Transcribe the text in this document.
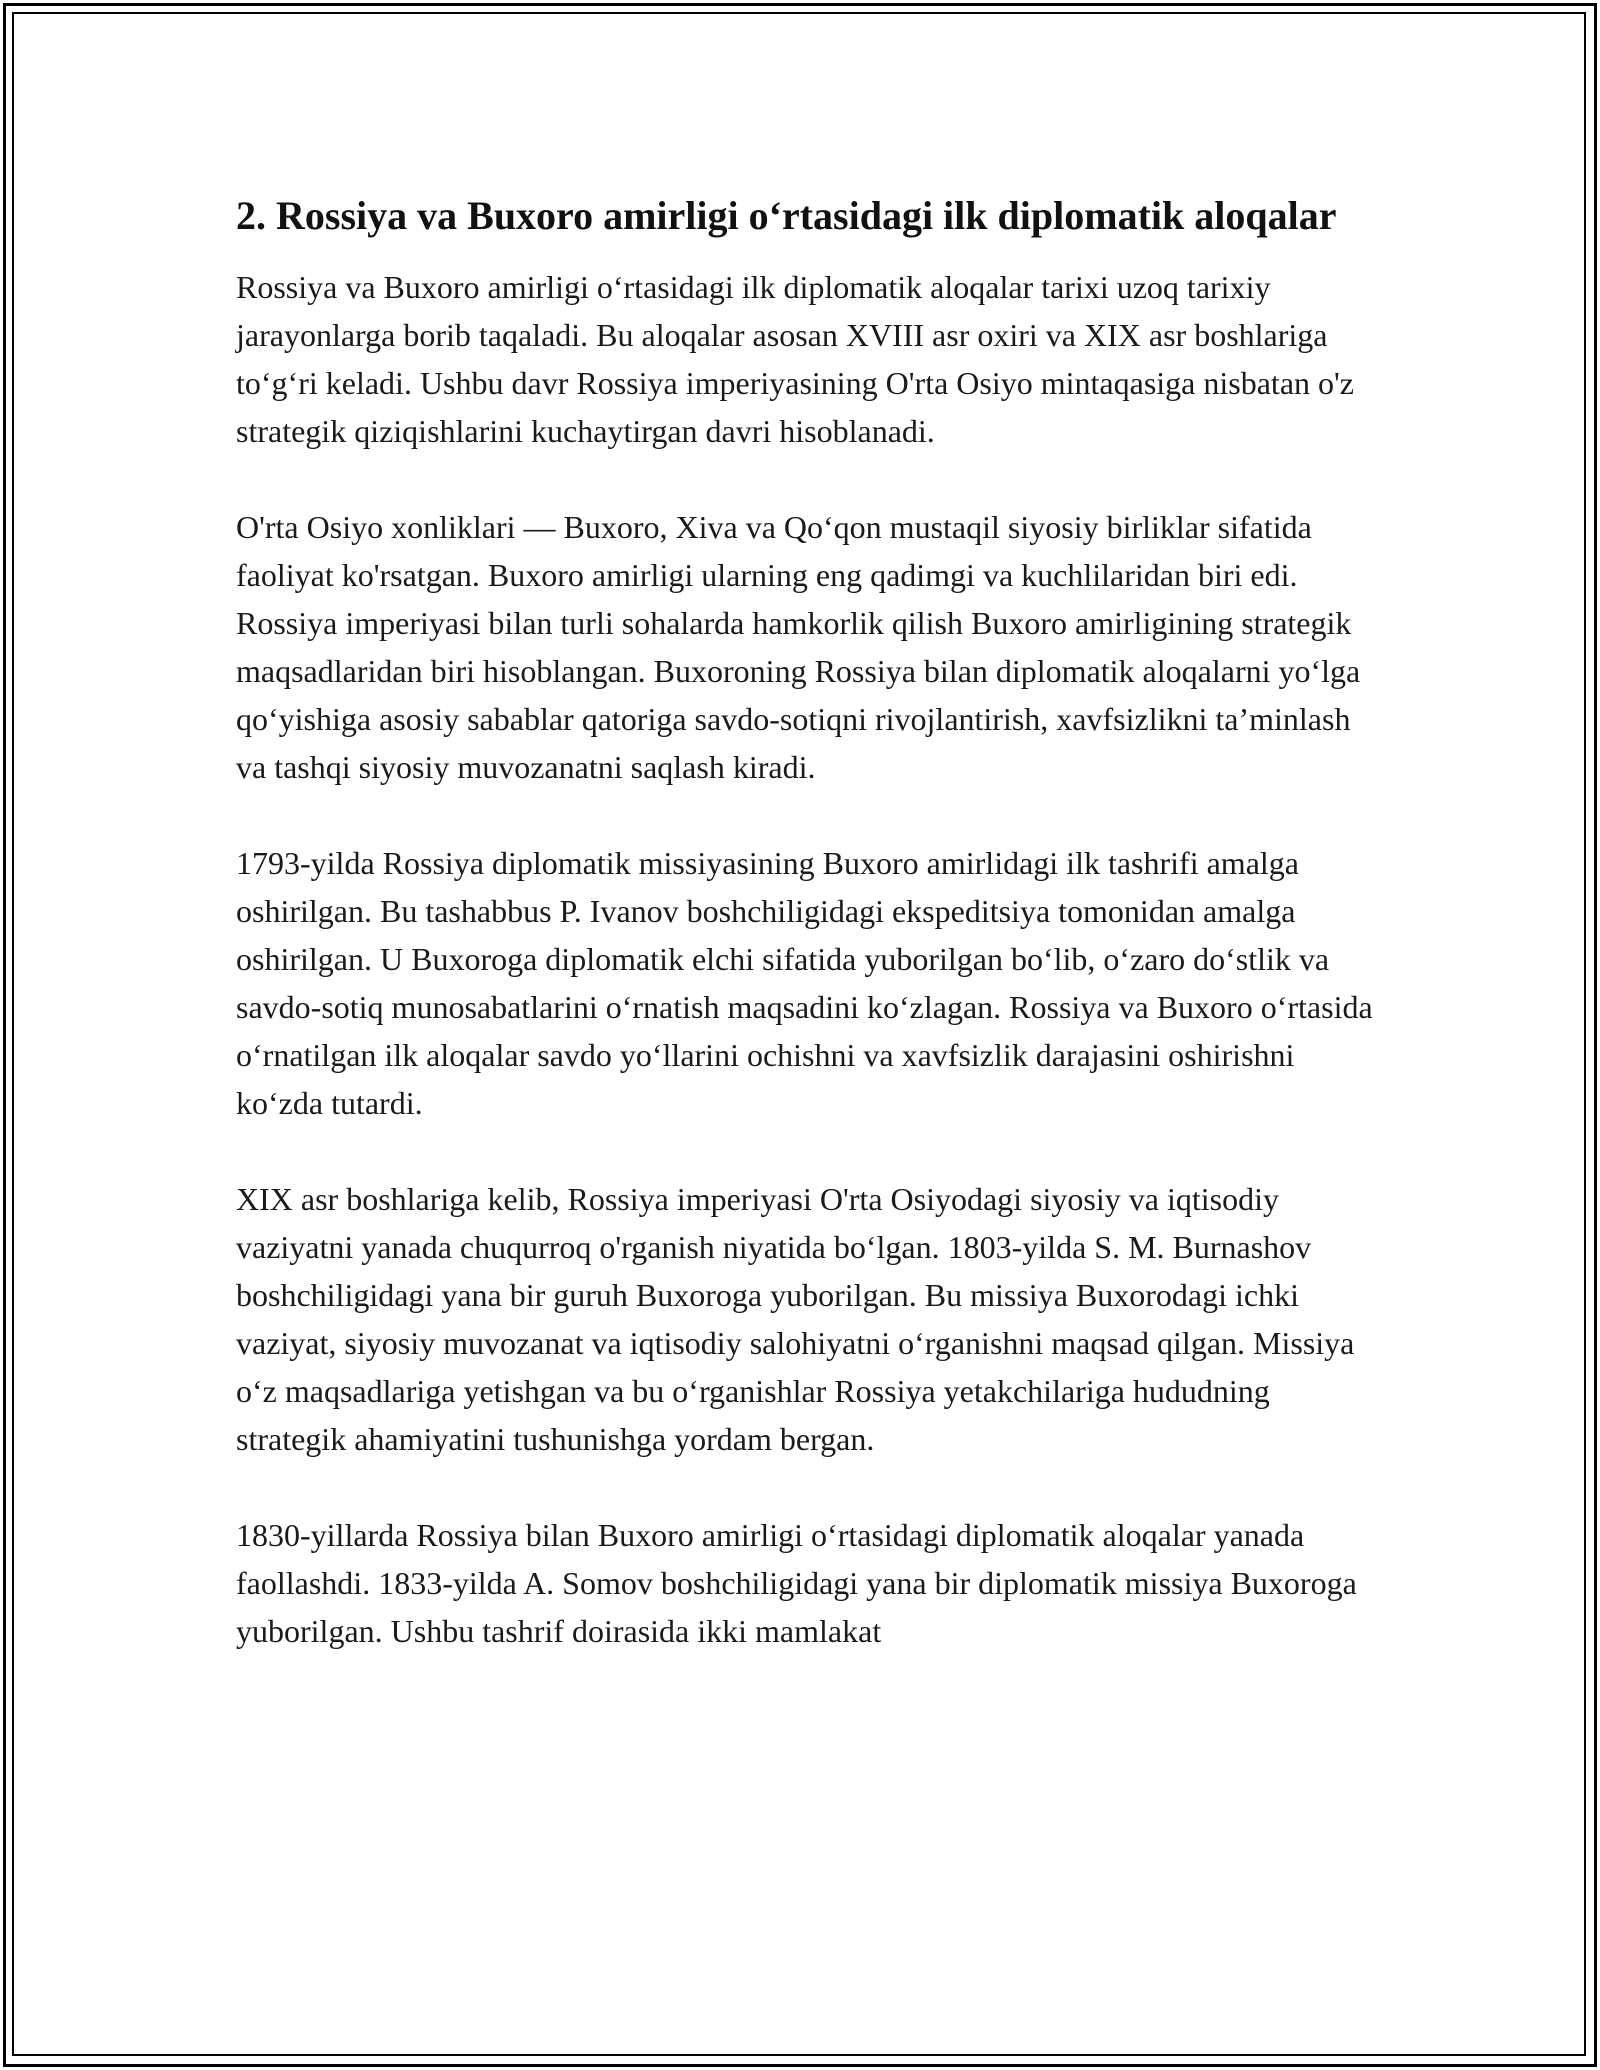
2. Rossiya va Buxoro amirligi o‘rtasidagi ilk diplomatik aloqalar

Rossiya va Buxoro amirligi o‘rtasidagi ilk diplomatik aloqalar tarixi uzoq tarixiy jarayonlarga borib taqaladi. Bu aloqalar asosan XVIII asr oxiri va XIX asr boshlariga to‘g‘ri keladi. Ushbu davr Rossiya imperiyasining O'rta Osiyo mintaqasiga nisbatan o'z strategik qiziqishlarini kuchaytirgan davri hisoblanadi.

O'rta Osiyo xonliklari — Buxoro, Xiva va Qo‘qon mustaqil siyosiy birliklar sifatida faoliyat ko'rsatgan. Buxoro amirligi ularning eng qadimgi va kuchlilaridan biri edi. Rossiya imperiyasi bilan turli sohalarda hamkorlik qilish Buxoro amirligining strategik maqsadlaridan biri hisoblangan. Buxoroning Rossiya bilan diplomatik aloqalarni yo‘lga qo‘yishiga asosiy sabablar qatoriga savdo-sotiqni rivojlantirish, xavfsizlikni ta’minlash va tashqi siyosiy muvozanatni saqlash kiradi.

1793-yilda Rossiya diplomatik missiyasining Buxoro amirlidagi ilk tashrifi amalga oshirilgan. Bu tashabbus P. Ivanov boshchiligidagi ekspeditsiya tomonidan amalga oshirilgan. U Buxoroga diplomatik elchi sifatida yuborilgan bo‘lib, o‘zaro do‘stlik va savdo-sotiq munosabatlarini o‘rnatish maqsadini ko‘zlagan. Rossiya va Buxoro o‘rtasida o‘rnatilgan ilk aloqalar savdo yo‘llarini ochishni va xavfsizlik darajasini oshirishni ko‘zda tutardi.

XIX asr boshlariga kelib, Rossiya imperiyasi O'rta Osiyodagi siyosiy va iqtisodiy vaziyatni yanada chuqurroq o'rganish niyatida bo‘lgan. 1803-yilda S. M. Burnashov boshchiligidagi yana bir guruh Buxoroga yuborilgan. Bu missiya Buxorodagi ichki vaziyat, siyosiy muvozanat va iqtisodiy salohiyatni o‘rganishni maqsad qilgan. Missiya o‘z maqsadlariga yetishgan va bu o‘rganishlar Rossiya yetakchilariga hududning strategik ahamiyatini tushunishga yordam bergan.

1830-yillarda Rossiya bilan Buxoro amirligi o‘rtasidagi diplomatik aloqalar yanada faollashdi. 1833-yilda A. Somov boshchiligidagi yana bir diplomatik missiya Buxoroga yuborilgan. Ushbu tashrif doirasida ikki mamlakat
